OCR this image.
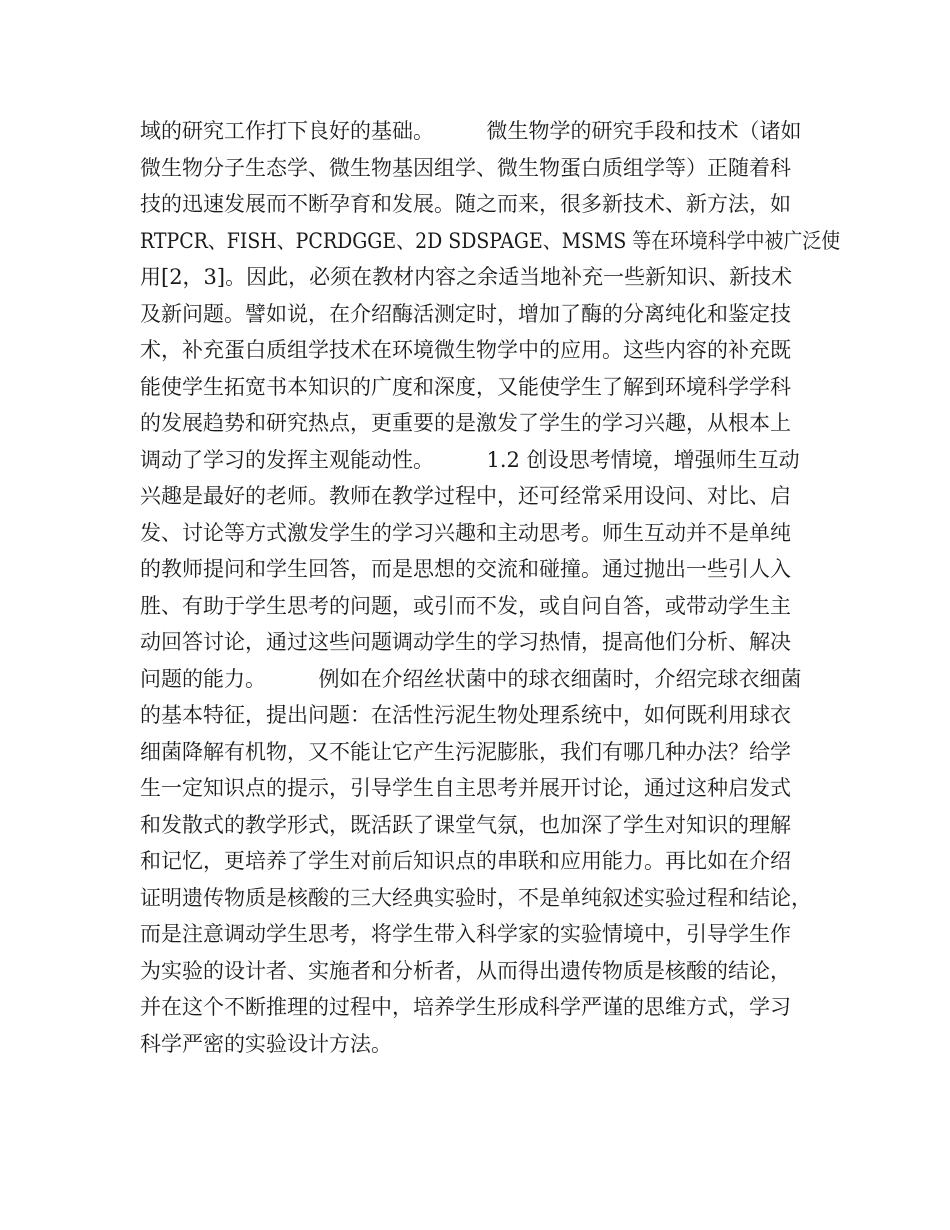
域的研究工作打下良好的基础。　　　微生物学的研究手段和技术（诸如
微生物分子生态学、微生物基因组学、微生物蛋白质组学等）正随着科
技的迅速发展而不断孕育和发展。随之而来，很多新技术、新方法，如
RTPCR、FISH、PCRDGGE、2D SDSPAGE、MSMS 等在环境科学中被广泛使
用[2，3]。因此，必须在教材内容之余适当地补充一些新知识、新技术
及新问题。譬如说，在介绍酶活测定时，增加了酶的分离纯化和鉴定技
术，补充蛋白质组学技术在环境微生物学中的应用。这些内容的补充既
能使学生拓宽书本知识的广度和深度，又能使学生了解到环境科学学科
的发展趋势和研究热点，更重要的是激发了学生的学习兴趣，从根本上
调动了学习的发挥主观能动性。　　　1.2 创设思考情境，增强师生互动
兴趣是最好的老师。教师在教学过程中，还可经常采用设问、对比、启
发、讨论等方式激发学生的学习兴趣和主动思考。师生互动并不是单纯
的教师提问和学生回答，而是思想的交流和碰撞。通过抛出一些引人入
胜、有助于学生思考的问题，或引而不发，或自问自答，或带动学生主
动回答讨论，通过这些问题调动学生的学习热情，提高他们分析、解决
问题的能力。　　　例如在介绍丝状菌中的球衣细菌时，介绍完球衣细菌
的基本特征，提出问题：在活性污泥生物处理系统中，如何既利用球衣
细菌降解有机物，又不能让它产生污泥膨胀，我们有哪几种办法？给学
生一定知识点的提示，引导学生自主思考并展开讨论，通过这种启发式
和发散式的教学形式，既活跃了课堂气氛，也加深了学生对知识的理解
和记忆，更培养了学生对前后知识点的串联和应用能力。再比如在介绍
证明遗传物质是核酸的三大经典实验时，不是单纯叙述实验过程和结论，
而是注意调动学生思考，将学生带入科学家的实验情境中，引导学生作
为实验的设计者、实施者和分析者，从而得出遗传物质是核酸的结论，
并在这个不断推理的过程中，培养学生形成科学严谨的思维方式，学习
科学严密的实验设计方法。
